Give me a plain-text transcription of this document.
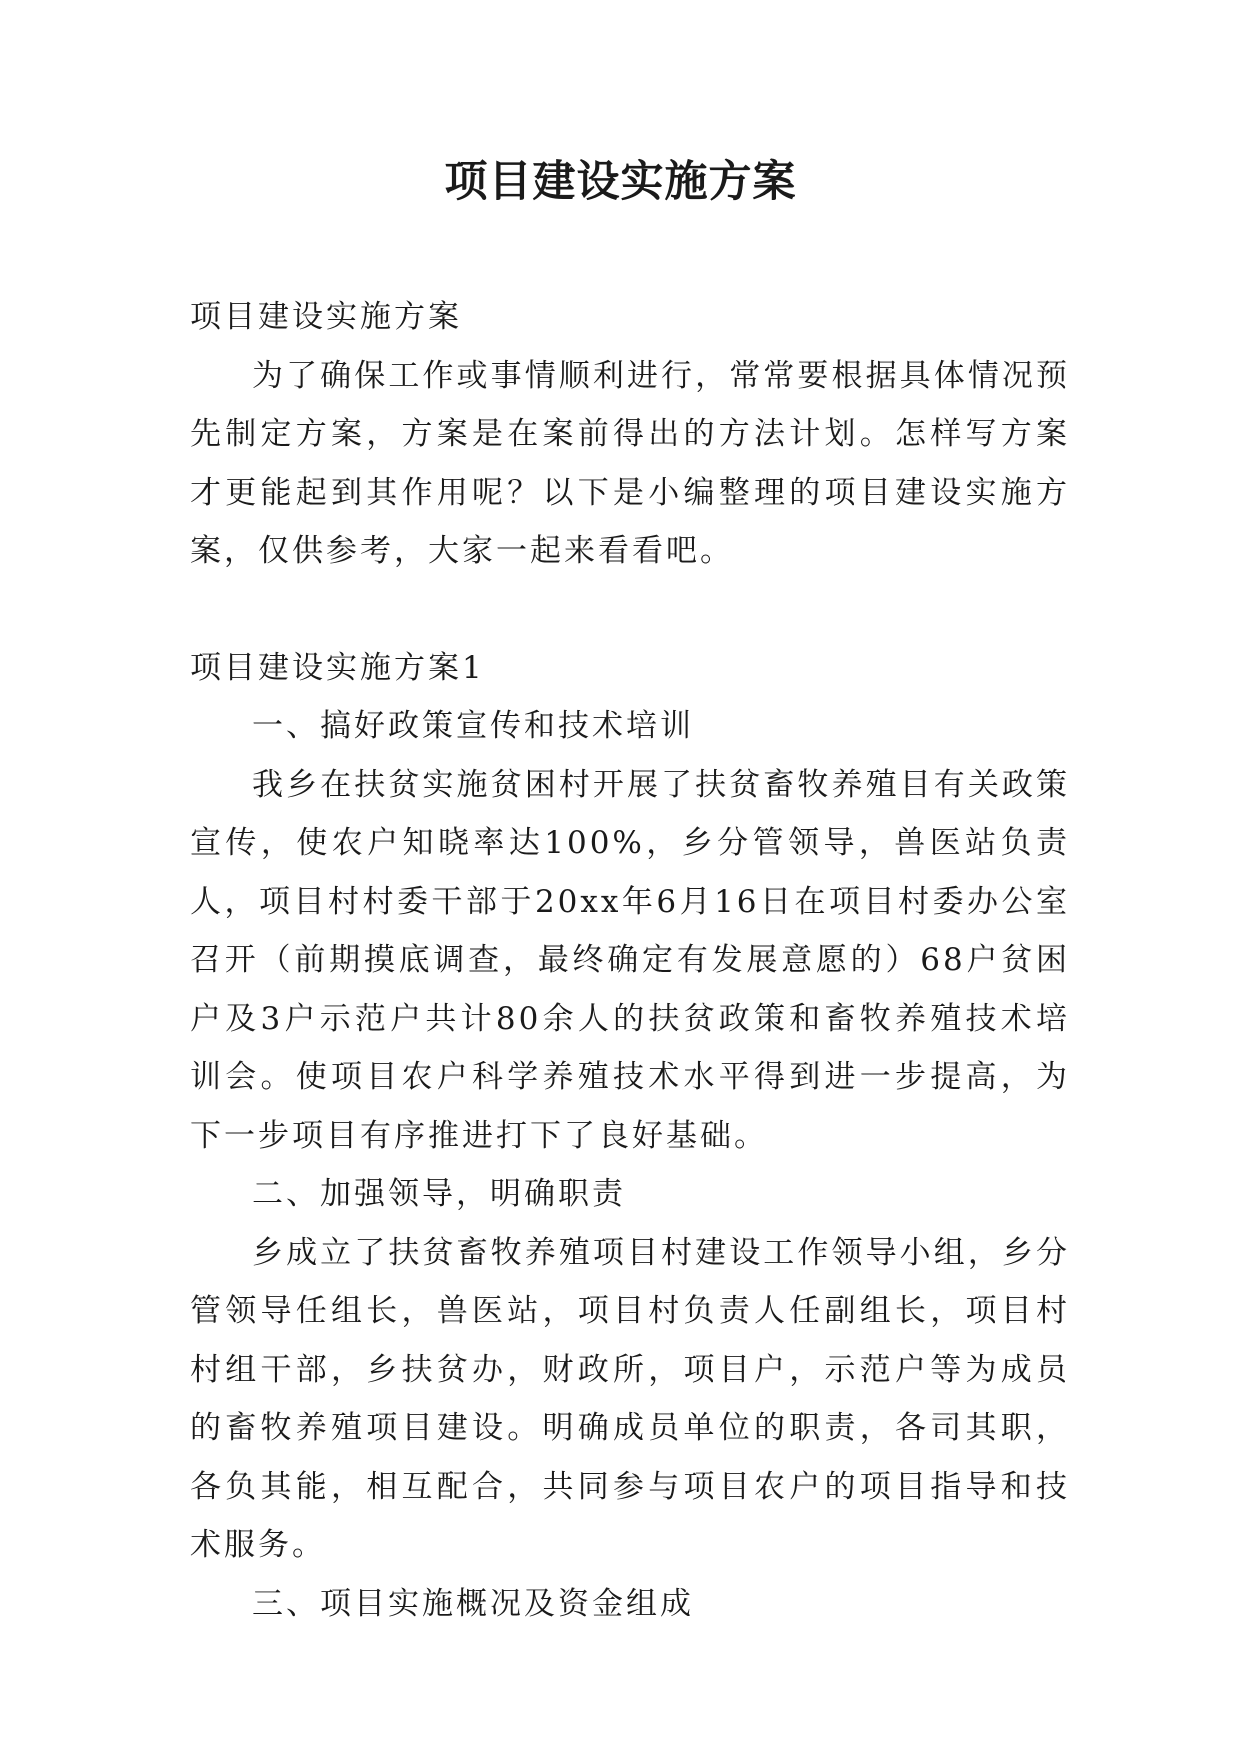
项目建设实施方案

项目建设实施方案

为了确保工作或事情顺利进行，常常要根据具体情况预先制定方案，方案是在案前得出的方法计划。怎样写方案才更能起到其作用呢？以下是小编整理的项目建设实施方案，仅供参考，大家一起来看看吧。

项目建设实施方案1

一、搞好政策宣传和技术培训

我乡在扶贫实施贫困村开展了扶贫畜牧养殖目有关政策宣传，使农户知晓率达100%，乡分管领导，兽医站负责人，项目村村委干部于20xx年6月16日在项目村委办公室召开（前期摸底调查，最终确定有发展意愿的）68户贫困户及3户示范户共计80余人的扶贫政策和畜牧养殖技术培训会。使项目农户科学养殖技术水平得到进一步提高，为下一步项目有序推进打下了良好基础。

二、加强领导，明确职责

乡成立了扶贫畜牧养殖项目村建设工作领导小组，乡分管领导任组长，兽医站，项目村负责人任副组长，项目村村组干部，乡扶贫办，财政所，项目户，示范户等为成员的畜牧养殖项目建设。明确成员单位的职责，各司其职，各负其能，相互配合，共同参与项目农户的项目指导和技术服务。

三、项目实施概况及资金组成
